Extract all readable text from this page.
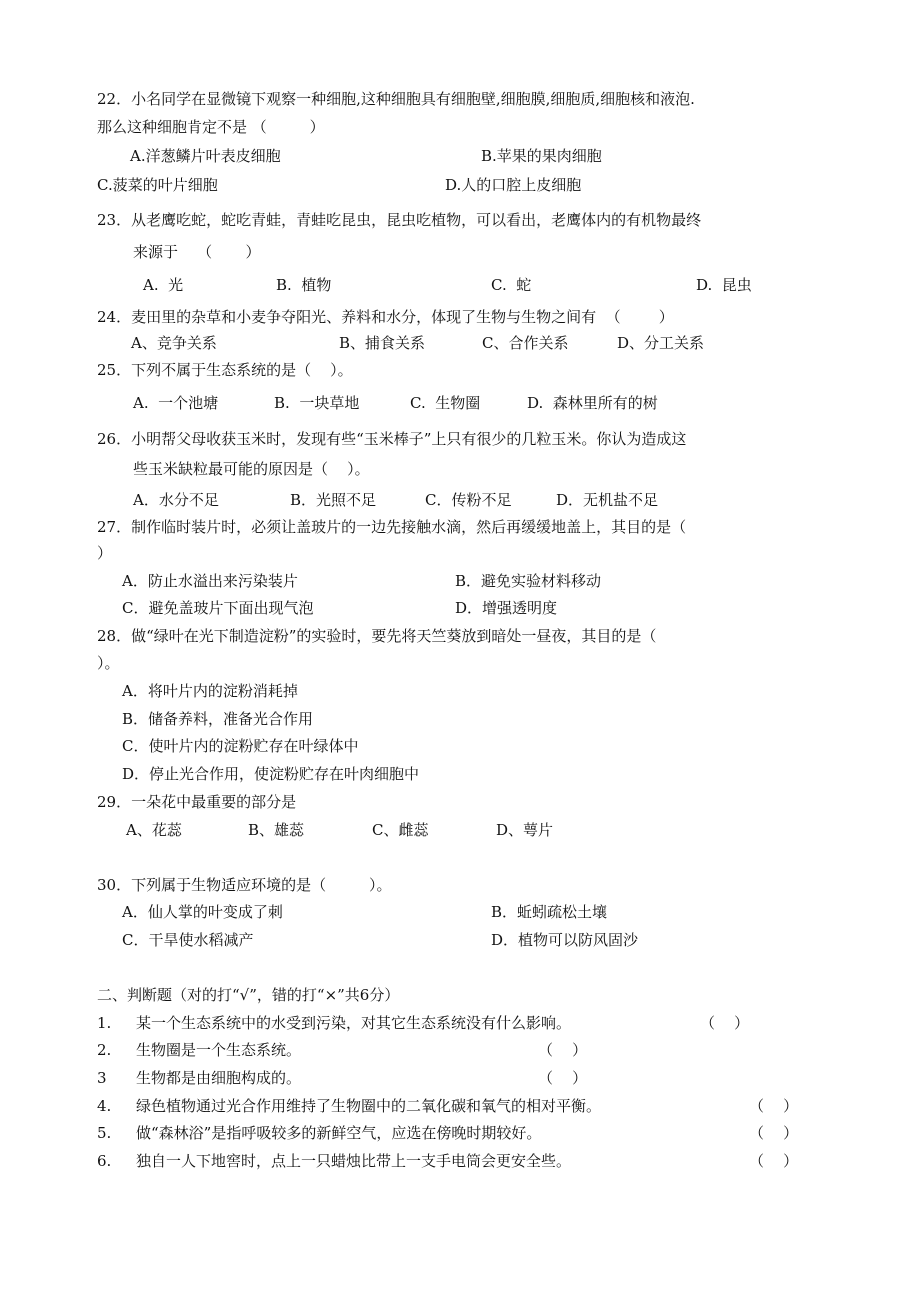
22．小名同学在显微镜下观察一种细胞,这种细胞具有细胞壁,细胞膜,细胞质,细胞核和液泡.
那么这种细胞肯定不是 （         ）
A.洋葱鳞片叶表皮细胞	B.苹果的果肉细胞
C.菠菜的叶片细胞	D.人的口腔上皮细胞
23．从老鹰吃蛇，蛇吃青蛙，青蛙吃昆虫，昆虫吃植物，可以看出，老鹰体内的有机物最终
来源于    （       ）
A.  光	B.  植物	C.  蛇	D.  昆虫
24．麦田里的杂草和小麦争夺阳光、养料和水分，体现了生物与生物之间有  （        ）
A、竞争关系	B、捕食关系	C、合作关系	D、分工关系
25．下列不属于生态系统的是（    ）。
A.  一个池塘	B.  一块草地	C.  生物圈	D.  森林里所有的树
26．小明帮父母收获玉米时，发现有些“玉米棒子”上只有很少的几粒玉米。你认为造成这
些玉米缺粒最可能的原因是（    ）。
A．水分不足	B．光照不足	C．传粉不足	D．无机盐不足
27．制作临时装片时，必须让盖玻片的一边先接触水滴，然后再缓缓地盖上，其目的是（
）
A．防止水溢出来污染装片	B．避免实验材料移动
C．避免盖玻片下面出现气泡	D．增强透明度
28．做“绿叶在光下制造淀粉”的实验时，要先将天竺葵放到暗处一昼夜，其目的是（
）。
A．将叶片内的淀粉消耗掉
B．储备养料，准备光合作用
C．使叶片内的淀粉贮存在叶绿体中
D．停止光合作用，使淀粉贮存在叶肉细胞中
29．一朵花中最重要的部分是
A、花蕊	B、雄蕊	C、雌蕊	D、萼片
30．下列属于生物适应环境的是（         ）。
A．仙人掌的叶变成了刺	B．蚯蚓疏松土壤
C．干旱使水稻减产	D．植物可以防风固沙
二、判断题（对的打“√”，错的打“×”共6分）
1. 某一个生态系统中的水受到污染，对其它生态系统没有什么影响。	（    ）
2. 生物圈是一个生态系统。	（    ）
3 生物都是由细胞构成的。	（    ）
4. 绿色植物通过光合作用维持了生物圈中的二氧化碳和氧气的相对平衡。	（    ）
5. 做“森林浴”是指呼吸较多的新鲜空气，应选在傍晚时期较好。	（    ）
6. 独自一人下地窖时，点上一只蜡烛比带上一支手电筒会更安全些。	（    ）
